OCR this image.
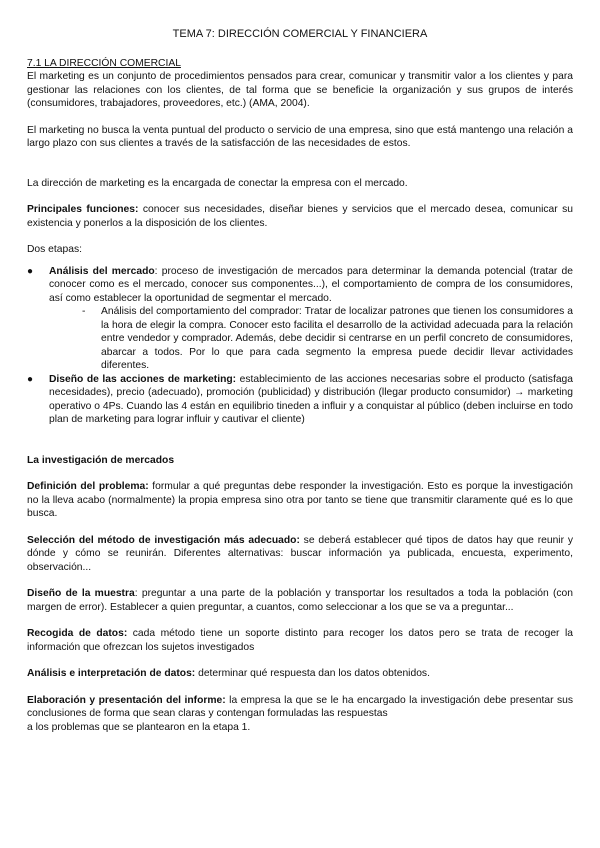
TEMA 7: DIRECCIÓN COMERCIAL Y FINANCIERA
7.1 LA DIRECCIÓN COMERCIAL

El marketing es un conjunto de procedimientos pensados para crear, comunicar y transmitir valor a los clientes y para gestionar las relaciones con los clientes, de tal forma que se beneficie la organización y sus grupos de interés (consumidores, trabajadores, proveedores, etc.) (AMA, 2004).

El marketing no busca la venta puntual del producto o servicio de una empresa, sino que está mantengo una relación a largo plazo con sus clientes a través de la satisfacción de las necesidades de estos.

La dirección de marketing es la encargada de conectar la empresa con el mercado.

Principales funciones: conocer sus necesidades, diseñar bienes y servicios que el mercado desea, comunicar su existencia y ponerlos a la disposición de los clientes.

Dos etapas:

● Análisis del mercado: proceso de investigación de mercados para determinar la demanda potencial (tratar de conocer como es el mercado, conocer sus componentes...), el comportamiento de compra de los consumidores, así como establecer la oportunidad de segmentar el mercado.

- Análisis del comportamiento del comprador: Tratar de localizar patrones que tienen los consumidores a la hora de elegir la compra. Conocer esto facilita el desarrollo de la actividad adecuada para la relación entre vendedor y comprador. Además, debe decidir si centrarse en un perfil concreto de consumidores, abarcar a todos. Por lo que para cada segmento la empresa puede decidir llevar actividades diferentes.

● Diseño de las acciones de marketing: establecimiento de las acciones necesarias sobre el producto (satisfaga necesidades), precio (adecuado), promoción (publicidad) y distribución (llegar producto consumidor) → marketing operativo o 4Ps. Cuando las 4 están en equilibrio tineden a influir y a conquistar al público (deben incluirse en todo plan de marketing para lograr influir y cautivar el cliente)

La investigación de mercados

Definición del problema: formular a qué preguntas debe responder la investigación. Esto es porque la investigación no la lleva acabo (normalmente) la propia empresa sino otra por tanto se tiene que transmitir claramente qué es lo que busca.

Selección del método de investigación más adecuado: se deberá establecer qué tipos de datos hay que reunir y dónde y cómo se reunirán. Diferentes alternativas: buscar información ya publicada, encuesta, experimento, observación...

Diseño de la muestra: preguntar a una parte de la población y transportar los resultados a toda la población (con margen de error). Establecer a quien preguntar, a cuantos, como seleccionar a los que se va a preguntar...

Recogida de datos: cada método tiene un soporte distinto para recoger los datos pero se trata de recoger la información que ofrezcan los sujetos investigados

Análisis e interpretación de datos: determinar qué respuesta dan los datos obtenidos.

Elaboración y presentación del informe: la empresa la que se le ha encargado la investigación debe presentar sus conclusiones de forma que sean claras y contengan formuladas las respuestas

a los problemas que se plantearon en la etapa 1.
